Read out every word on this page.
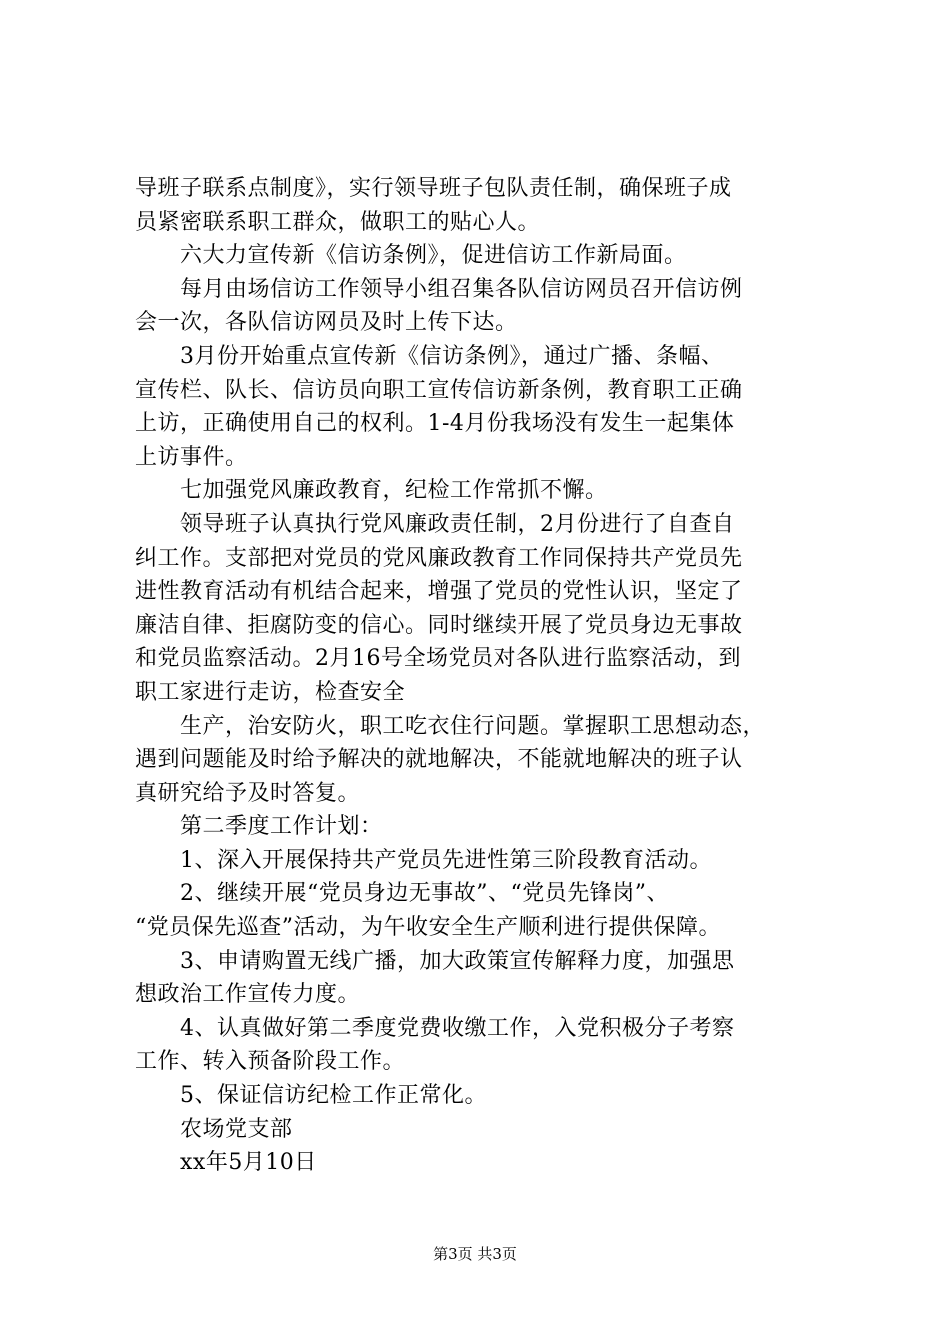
导班子联系点制度》，实行领导班子包队责任制，确保班子成
员紧密联系职工群众，做职工的贴心人。
　　六大力宣传新《信访条例》，促进信访工作新局面。
　　每月由场信访工作领导小组召集各队信访网员召开信访例
会一次，各队信访网员及时上传下达。
　　3月份开始重点宣传新《信访条例》，通过广播、条幅、
宣传栏、队长、信访员向职工宣传信访新条例，教育职工正确
上访，正确使用自己的权利。1-4月份我场没有发生一起集体
上访事件。
　　七加强党风廉政教育，纪检工作常抓不懈。
　　领导班子认真执行党风廉政责任制，2月份进行了自查自
纠工作。支部把对党员的党风廉政教育工作同保持共产党员先
进性教育活动有机结合起来，增强了党员的党性认识，坚定了
廉洁自律、拒腐防变的信心。同时继续开展了党员身边无事故
和党员监察活动。2月16号全场党员对各队进行监察活动，到
职工家进行走访，检查安全
　　生产，治安防火，职工吃衣住行问题。掌握职工思想动态，
遇到问题能及时给予解决的就地解决，不能就地解决的班子认
真研究给予及时答复。
　　第二季度工作计划：
　　1、深入开展保持共产党员先进性第三阶段教育活动。
　　2、继续开展“党员身边无事故”、“党员先锋岗”、
“党员保先巡查”活动，为午收安全生产顺利进行提供保障。
　　3、申请购置无线广播，加大政策宣传解释力度，加强思
想政治工作宣传力度。
　　4、认真做好第二季度党费收缴工作，入党积极分子考察
工作、转入预备阶段工作。
　　5、保证信访纪检工作正常化。
　　农场党支部
　　xx年5月10日
第3页 共3页
